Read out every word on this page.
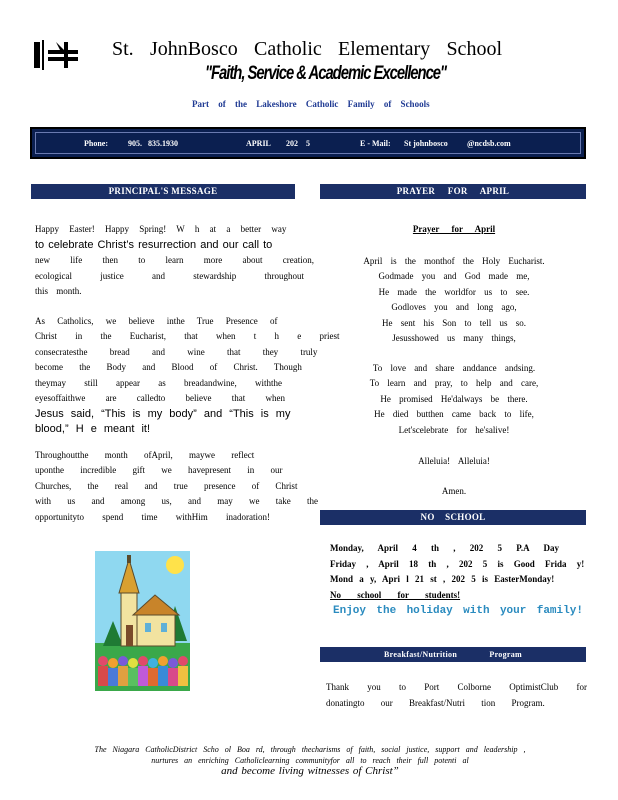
St. JohnBosco Catholic Elementary School
"Faith, Service & Academic Excellence"
Part of the Lakeshore Catholic Family of Schools
Phone:	905. 835.1930	APRIL 202 5	E - Mail: St johnbosco @ncdsb.com
PRINCIPAL'S MESSAGE	PRAYER FOR APRIL
NO SCHOOL
Breakfast/Nutrition Program

Happy Easter! Happy Spring! W h at a better way
to celebrate Christ’s resurrection and our call to
new life then to learn more about creation,
ecological justice and stewardship throughout
this month.

As Catholics, we believe inthe True Presence of
Christ in the Eucharist, that when t h e priest
consecratesthe bread and wine that they truly
become the Body and Blood of Christ. Though
theymay still appear as breadandwine, withthe
eyesoffaithwe are calledto believe that when
Jesus said, “This is my body” and “This is my
blood,” H e meant it!

Throughoutthe month ofApril, maywe reflect
uponthe incredible gift we havepresent in our
Churches, the real and true presence of Christ
with us and among us, and may we take the
opportunityto spend time withHim inadoration!

Prayer for April
April is the monthof the Holy Eucharist.
Godmade you and God made me,
He made the worldfor us to see.
Godloves you and long ago,
He sent his Son to tell us so.
Jesusshowed us many things,
To love and share anddance andsing.
To learn and pray, to help and care,
He promised He'dalways be there.
He died butthen came back to life,
Let'scelebrate for he'salive!
Alleluia! Alleluia!
Amen.
Monday, April 4 th , 202 5 P.A Day
Friday , April 18 th , 202 5 is Good Frida y!
Mond a y, Apri l 21 st , 202 5 is EasterMonday!
No school for students!
Enjoy the holiday with your family!
Thank you to Port Colborne OptimistClub for
donatingto our Breakfast/Nutri tion Program.
The Niagara CatholicDistrict Scho ol Boa rd, through thecharisms of faith, social justice, support and leadership ,
nurtures an enriching Catholiclearning communityfor all to reach their full potenti al
and become living witnesses of Christ”
